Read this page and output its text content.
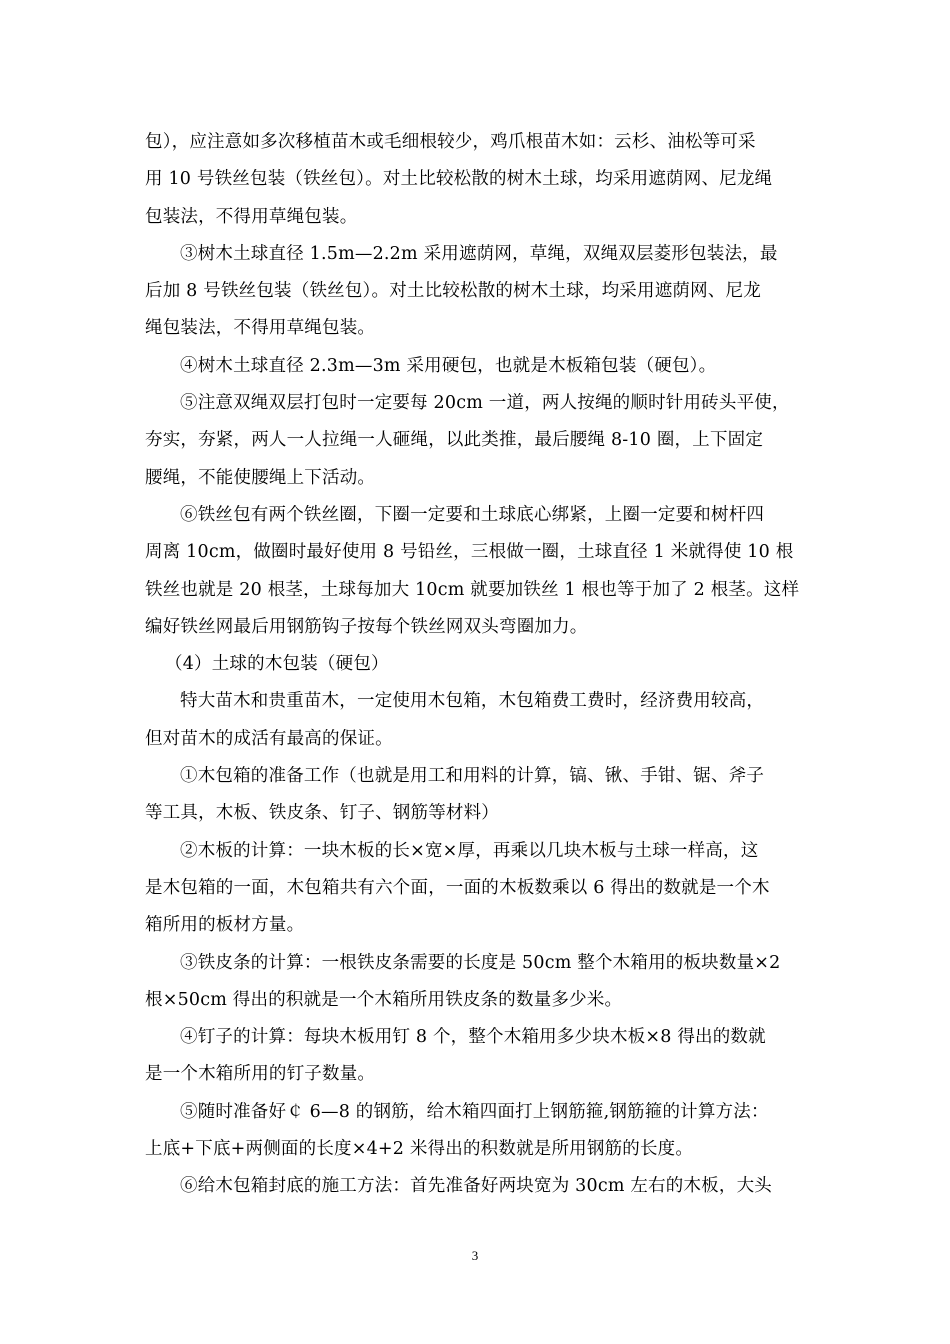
包），应注意如多次移植苗木或毛细根较少，鸡爪根苗木如：云杉、油松等可采
用 10 号铁丝包装（铁丝包）。对土比较松散的树木土球，均采用遮荫网、尼龙绳
包装法，不得用草绳包装。
③树木土球直径 1.5m—2.2m 采用遮荫网，草绳，双绳双层菱形包装法，最
后加 8 号铁丝包装（铁丝包）。对土比较松散的树木土球，均采用遮荫网、尼龙
绳包装法，不得用草绳包装。
④树木土球直径 2.3m—3m 采用硬包，也就是木板箱包装（硬包）。
⑤注意双绳双层打包时一定要每 20cm 一道，两人按绳的顺时针用砖头平使，
夯实，夯紧，两人一人拉绳一人砸绳，以此类推，最后腰绳 8-10 圈，上下固定
腰绳，不能使腰绳上下活动。
⑥铁丝包有两个铁丝圈，下圈一定要和土球底心绑紧，上圈一定要和树杆四
周离 10cm，做圈时最好使用 8 号铅丝，三根做一圈，土球直径 1 米就得使 10 根
铁丝也就是 20 根茎，土球每加大 10cm 就要加铁丝 1 根也等于加了 2 根茎。这样
编好铁丝网最后用钢筋钩子按每个铁丝网双头弯圈加力。
（4）土球的木包装（硬包）
特大苗木和贵重苗木，一定使用木包箱，木包箱费工费时，经济费用较高，
但对苗木的成活有最高的保证。
①木包箱的准备工作（也就是用工和用料的计算，镐、锹、手钳、锯、斧子
等工具，木板、铁皮条、钉子、钢筋等材料）
②木板的计算：一块木板的长×宽×厚，再乘以几块木板与土球一样高，这
是木包箱的一面，木包箱共有六个面，一面的木板数乘以 6 得出的数就是一个木
箱所用的板材方量。
③铁皮条的计算：一根铁皮条需要的长度是 50cm 整个木箱用的板块数量×2
根×50cm 得出的积就是一个木箱所用铁皮条的数量多少米。
④钉子的计算：每块木板用钉 8 个，整个木箱用多少块木板×8 得出的数就
是一个木箱所用的钉子数量。
⑤随时准备好￠ 6—8 的钢筋，给木箱四面打上钢筋箍,钢筋箍的计算方法：
上底+下底+两侧面的长度×4+2 米得出的积数就是所用钢筋的长度。
⑥给木包箱封底的施工方法：首先准备好两块宽为 30cm 左右的木板，大头
3
